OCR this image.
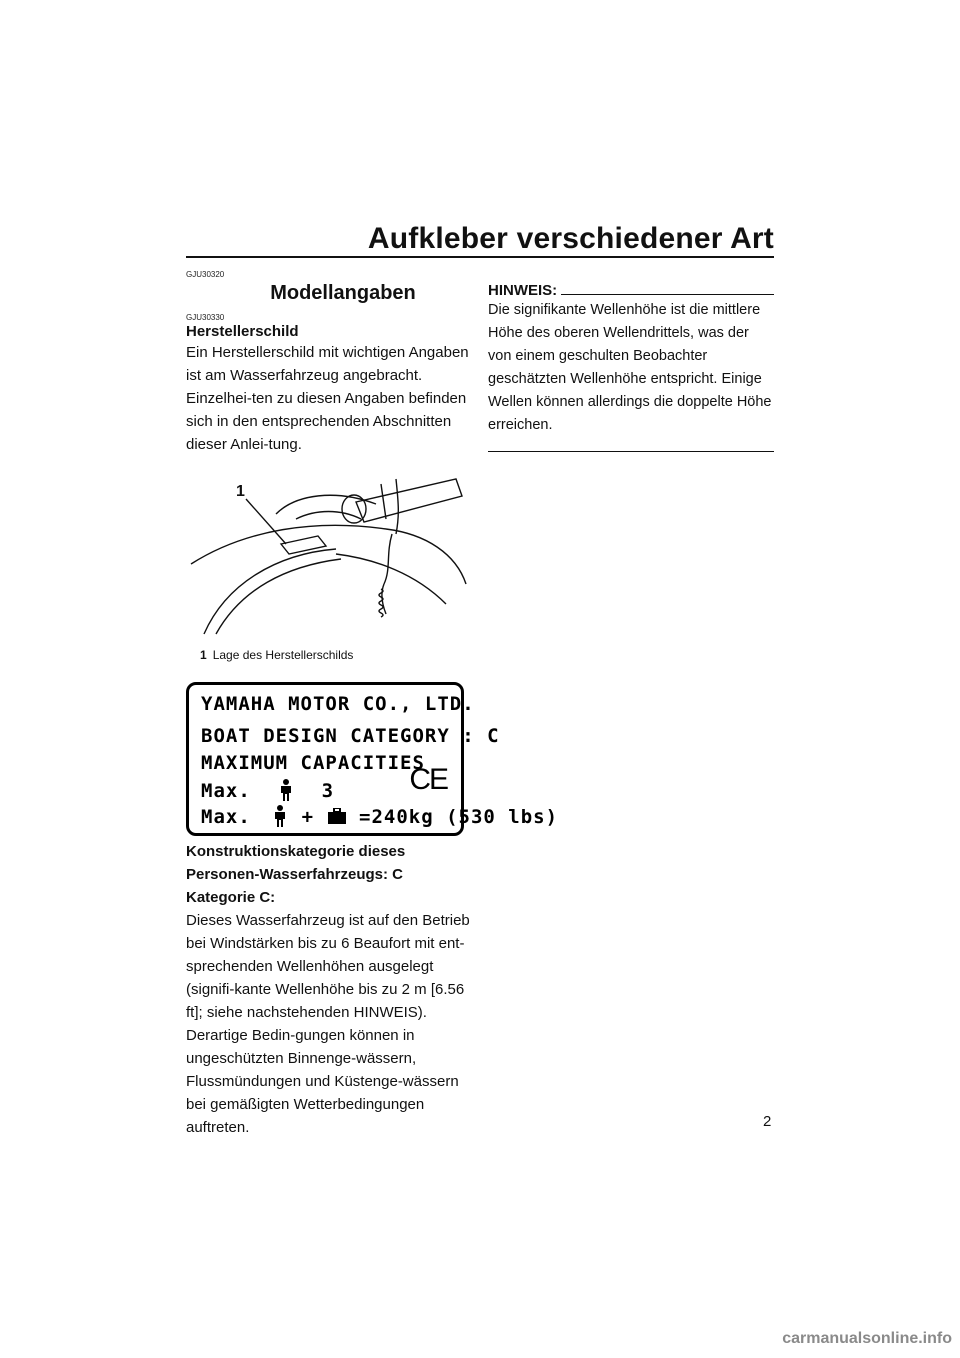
Aufkleber verschiedener Art
GJU30320
Modellangaben
GJU30330
Herstellerschild

Ein Herstellerschild mit wichtigen Angaben ist am Wasserfahrzeug angebracht. Einzelhei-ten zu diesen Angaben befinden sich in den entsprechenden Abschnitten dieser Anlei-tung.

1
1 Lage des Herstellerschilds
YAMAHA MOTOR CO., LTD.
BOAT DESIGN CATEGORY : C
MAXIMUM CAPACITIES
Max.	3
Max.	+ =240kg (530 lbs)
CE

Konstruktionskategorie dieses Personen-Wasserfahrzeugs: C

Kategorie C:

Dieses Wasserfahrzeug ist auf den Betrieb bei Windstärken bis zu 6 Beaufort mit ent-sprechenden Wellenhöhen ausgelegt (signifi-kante Wellenhöhe bis zu 2 m [6.56 ft]; siehe nachstehenden HINWEIS). Derartige Bedin-gungen können in ungeschützten Binnenge-wässern, Flussmündungen und Küstenge-wässern bei gemäßigten Wetterbedingungen auftreten.

HINWEIS:

Die signifikante Wellenhöhe ist die mittlere Höhe des oberen Wellendrittels, was der von einem geschulten Beobachter geschätzten Wellenhöhe entspricht. Einige Wellen können allerdings die doppelte Höhe erreichen.

2
carmanualsonline.info
